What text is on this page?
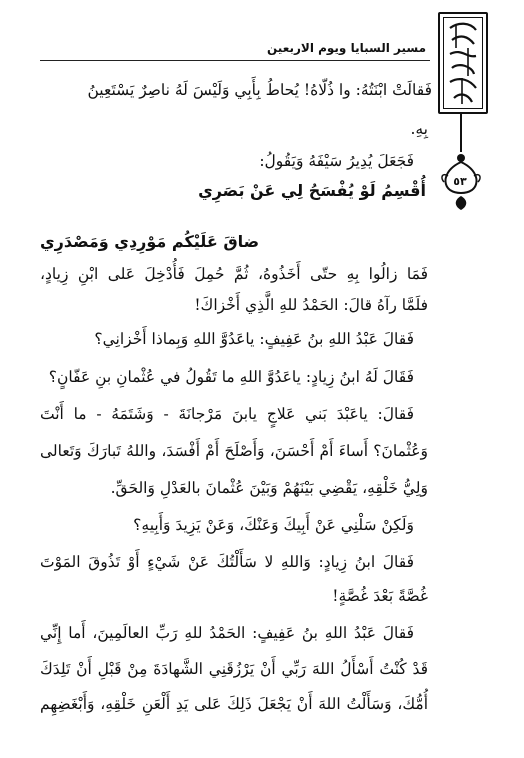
مسير السبايا ويوم الاربعين
٥٣
فَقالَتْ ابْنَتُهُ: وا ذُلّاهُ! يُحاطُ بِأَبِي وَلَيْسَ لَهُ ناصِرٌ يَسْتَعِينُ
بِهِ.
فَجَعَلَ يُدِيرُ سَيْفَهُ وَيَقُولُ:
أُقْسِمُ لَوْ يُفْسَحُ لِي عَنْ بَصَرِي
ضاقَ عَلَيْكُم مَوْرِدِي وَمَصْدَرِي
فَمَا زالُوا بِهِ حتّى أَخَذُوهُ، ثُمَّ حُمِلَ فَأُدْخِلَ عَلى ابْنِ زِيادٍ،
فلَمَّا رآهُ قالَ: الحَمْدُ للهِ الَّذِي أَخْزاكَ!
فَقالَ عَبْدُ اللهِ بنُ عَفِيفٍ: ياعَدُوَّ اللهِ وَبِماذا أَخْزانِي؟
فَقَالَ لَهُ ابنُ زِيادٍ: ياعَدُوَّ اللهِ ما تَقُولُ في عُثْمانِ بنِ عَفّانٍ؟
فَقالَ: ياعَبْدَ بَني عَلاجٍ يابنَ مَرْجانَةَ - وَشَتَمَهُ - ما أَنْتَ
وَعُثْمانَ؟ أَساءَ أَمْ أَحْسَنَ، وَأَصْلَحَ أَمْ أَفْسَدَ، واللهُ تَبارَكَ وَتَعالى
وَلِيُّ خَلْقِهِ، يَقْضِي بَيْنَهُمْ وَبَيْنَ عُثْمانَ بالعَدْلِ وَالحَقِّ.
وَلَكِنْ سَلْنِي عَنْ أَبِيكَ وَعَنْكَ، وَعَنْ يَزِيدَ وَأَبِيهِ؟
فَقالَ ابنُ زِيادٍ: وَاللهِ لا سَأَلْتُكَ عَنْ شَيْءٍ أَوْ تَذُوقَ المَوْتَ
غُصَّةً بَعْدَ غُصَّةٍ!
فَقالَ عَبْدُ اللهِ بنُ عَفِيفٍ: الحَمْدُ للهِ رَبِّ العالَمِينَ، أَما إِنِّي
قَدْ كُنْتُ أَسْأَلُ اللهَ رَبِّي أَنْ يَرْزُقَنِي الشَّهادَةَ مِنْ قَبْلِ أَنْ تَلِدَكَ
أُمُّكَ، وَسَأَلْتُ اللهَ أَنْ يَجْعَلَ ذَلِكَ عَلى يَدِ أَلْعَنِ خَلْقِهِ، وَأَبْغَضِهِم
